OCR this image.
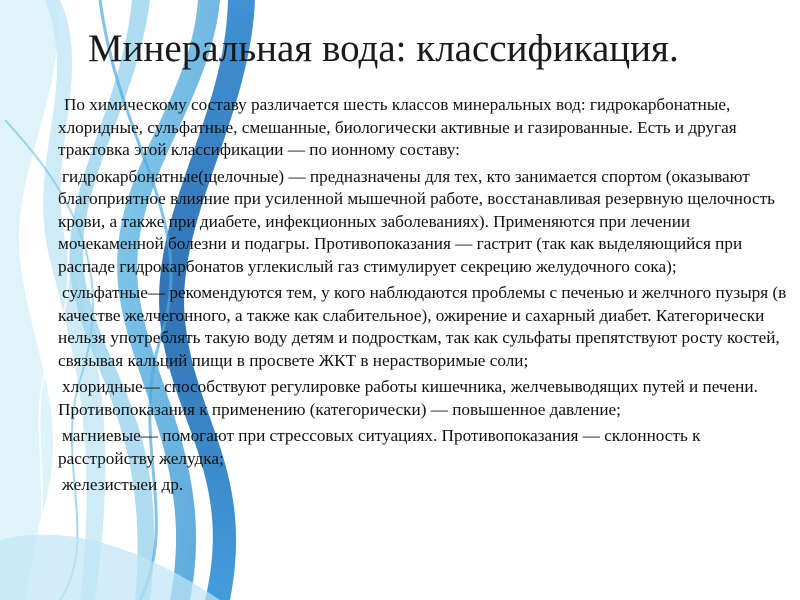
Минеральная вода: классификация.

По химическому составу различается шесть классов минеральных вод: гидрокарбонатные, хлоридные, сульфатные, смешанные, биологически активные и газированные. Есть и другая трактовка этой классификации — по ионному составу:

гидрокарбонатные(щелочные) — предназначены для тех, кто занимается спортом (оказывают благоприятное влияние при усиленной мышечной работе, восстанавливая резервную щелочность крови, а также при диабете, инфекционных заболеваниях). Применяются при лечении мочекаменной болезни и подагры. Противопоказания — гастрит (так как выделяющийся при распаде гидрокарбонатов углекислый газ стимулирует секрецию желудочного сока);

сульфатные— рекомендуются тем, у кого наблюдаются проблемы с печенью и желчного пузыря (в качестве желчегонного, а также как слабительное), ожирение и сахарный диабет. Категорически нельзя употреблять такую воду детям и подросткам, так как сульфаты препятствуют росту костей, связывая кальций пищи в просвете ЖКТ в нерастворимые соли;

хлоридные— способствуют регулировке работы кишечника, желчевыводящих путей и печени. Противопоказания к применению (категорически) — повышенное давление;

магниевые— помогают при стрессовых ситуациях. Противопоказания — склонность к расстройству желудка;

железистыеи др.
